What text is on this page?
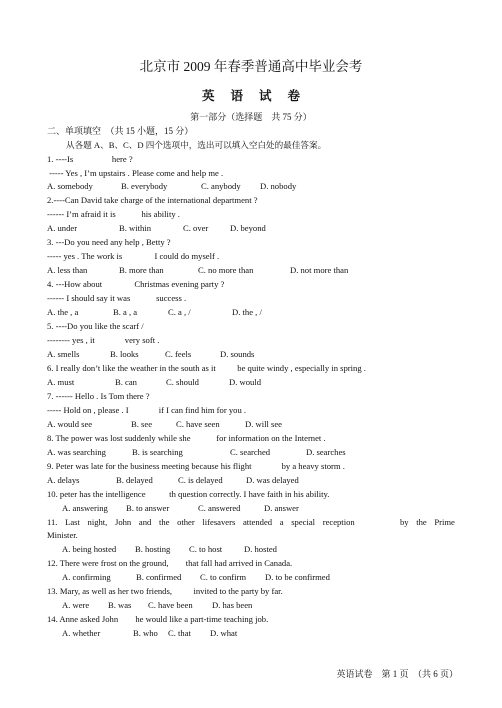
北京市 2009 年春季普通高中毕业会考
英语试卷
第一部分（选择题　共 75 分）
二、单项填空　（共 15 小题，15 分）
从各题 A、B、C、D 四个选项中，选出可以填入空白处的最佳答案。
1. ----Is                  here ?
----- Yes , I’m upstairs . Please come and help me .
A. somebody	B. everybody	C. anybody D. nobody
2.----Can David take charge of the international department ?
------ I’m afraid it is            his ability .
A. under	B. within	C. over	D. beyond
3. ---Do you need any help , Betty ?
----- yes . The work is               I could do myself .
A. less than	B. more than	C. no more than	D. not more than
4. ---How about               Christmas evening party ?
------ I should say it was            success .
A. the , a	B. a , a	C. a , /	D. the , /
5. ----Do you like the scarf /
-------- yes , it              very soft .
A. smells	B. looks	C. feels	D. sounds
6. I really don’t like the weather in the south as it          be quite windy , especially in spring .
A. must	B. can	C. should	D. would
7. ------ Hello . Is Tom there ?
----- Hold on , please . I              if I can find him for you .
A. would see	B. see	C. have seen	D. will see
8. The power was lost suddenly while she            for information on the Internet .
A. was searching	B. is searching	C. searched	D. searches
9. Peter was late for the business meeting because his flight              by a heavy storm .
A. delays	B. delayed	C. is delayed	D. was delayed
10. peter has the intelligence           th question correctly. I have faith in his ability.
A. answering B. to answer	C. answered	D. answer
11. Last night, John and the other lifesavers attended a special reception	by the Prime
Minister.
A. being hosted B. hosting C. to host	D. hosted
12. There were frost on the ground,        that fall had arrived in Canada.
A. confirming	B. confirmed C. to confirm D. to be confirmed
13. Mary, as well as her two friends,          invited to the party by far.
A. were B. was C. have been D. has been
14. Anne asked John        he would like a part-time teaching job.
A. whether	B. who C. that D. what
英语试卷　第 1 页　（共 6 页）
